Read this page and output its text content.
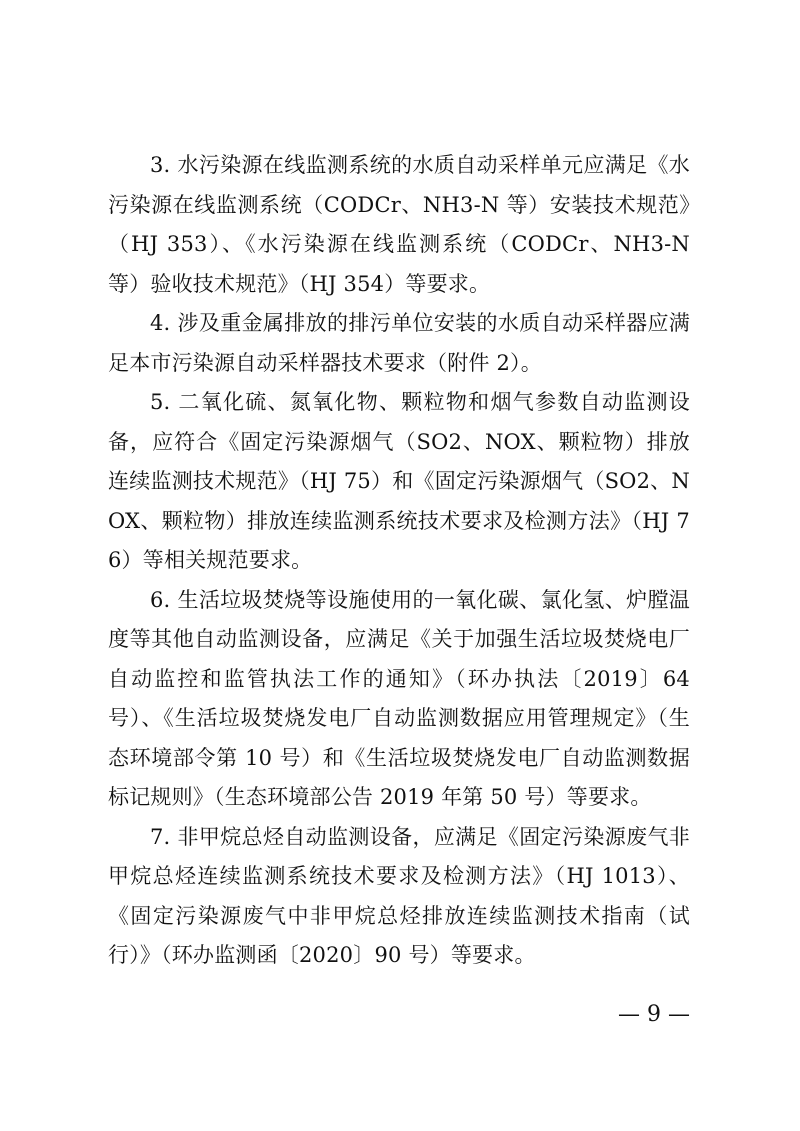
3. 水污染源在线监测系统的水质自动采样单元应满足《水污染源在线监测系统（CODCr、NH3-N 等）安装技术规范》（HJ 353）、《水污染源在线监测系统（CODCr、NH3-N 等）验收技术规范》（HJ 354）等要求。

4. 涉及重金属排放的排污单位安装的水质自动采样器应满足本市污染源自动采样器技术要求（附件 2）。

5. 二氧化硫、氮氧化物、颗粒物和烟气参数自动监测设备，应符合《固定污染源烟气（SO2、NOX、颗粒物）排放连续监测技术规范》（HJ 75）和《固定污染源烟气（SO2、NOX、颗粒物）排放连续监测系统技术要求及检测方法》（HJ 76）等相关规范要求。

6. 生活垃圾焚烧等设施使用的一氧化碳、氯化氢、炉膛温度等其他自动监测设备，应满足《关于加强生活垃圾焚烧电厂自动监控和监管执法工作的通知》（环办执法〔2019〕64 号）、《生活垃圾焚烧发电厂自动监测数据应用管理规定》（生态环境部令第 10 号）和《生活垃圾焚烧发电厂自动监测数据标记规则》（生态环境部公告 2019 年第 50 号）等要求。

7. 非甲烷总烃自动监测设备，应满足《固定污染源废气非甲烷总烃连续监测系统技术要求及检测方法》（HJ 1013）、《固定污染源废气中非甲烷总烃排放连续监测技术指南（试行）》（环办监测函〔2020〕90 号）等要求。

— 9 —
